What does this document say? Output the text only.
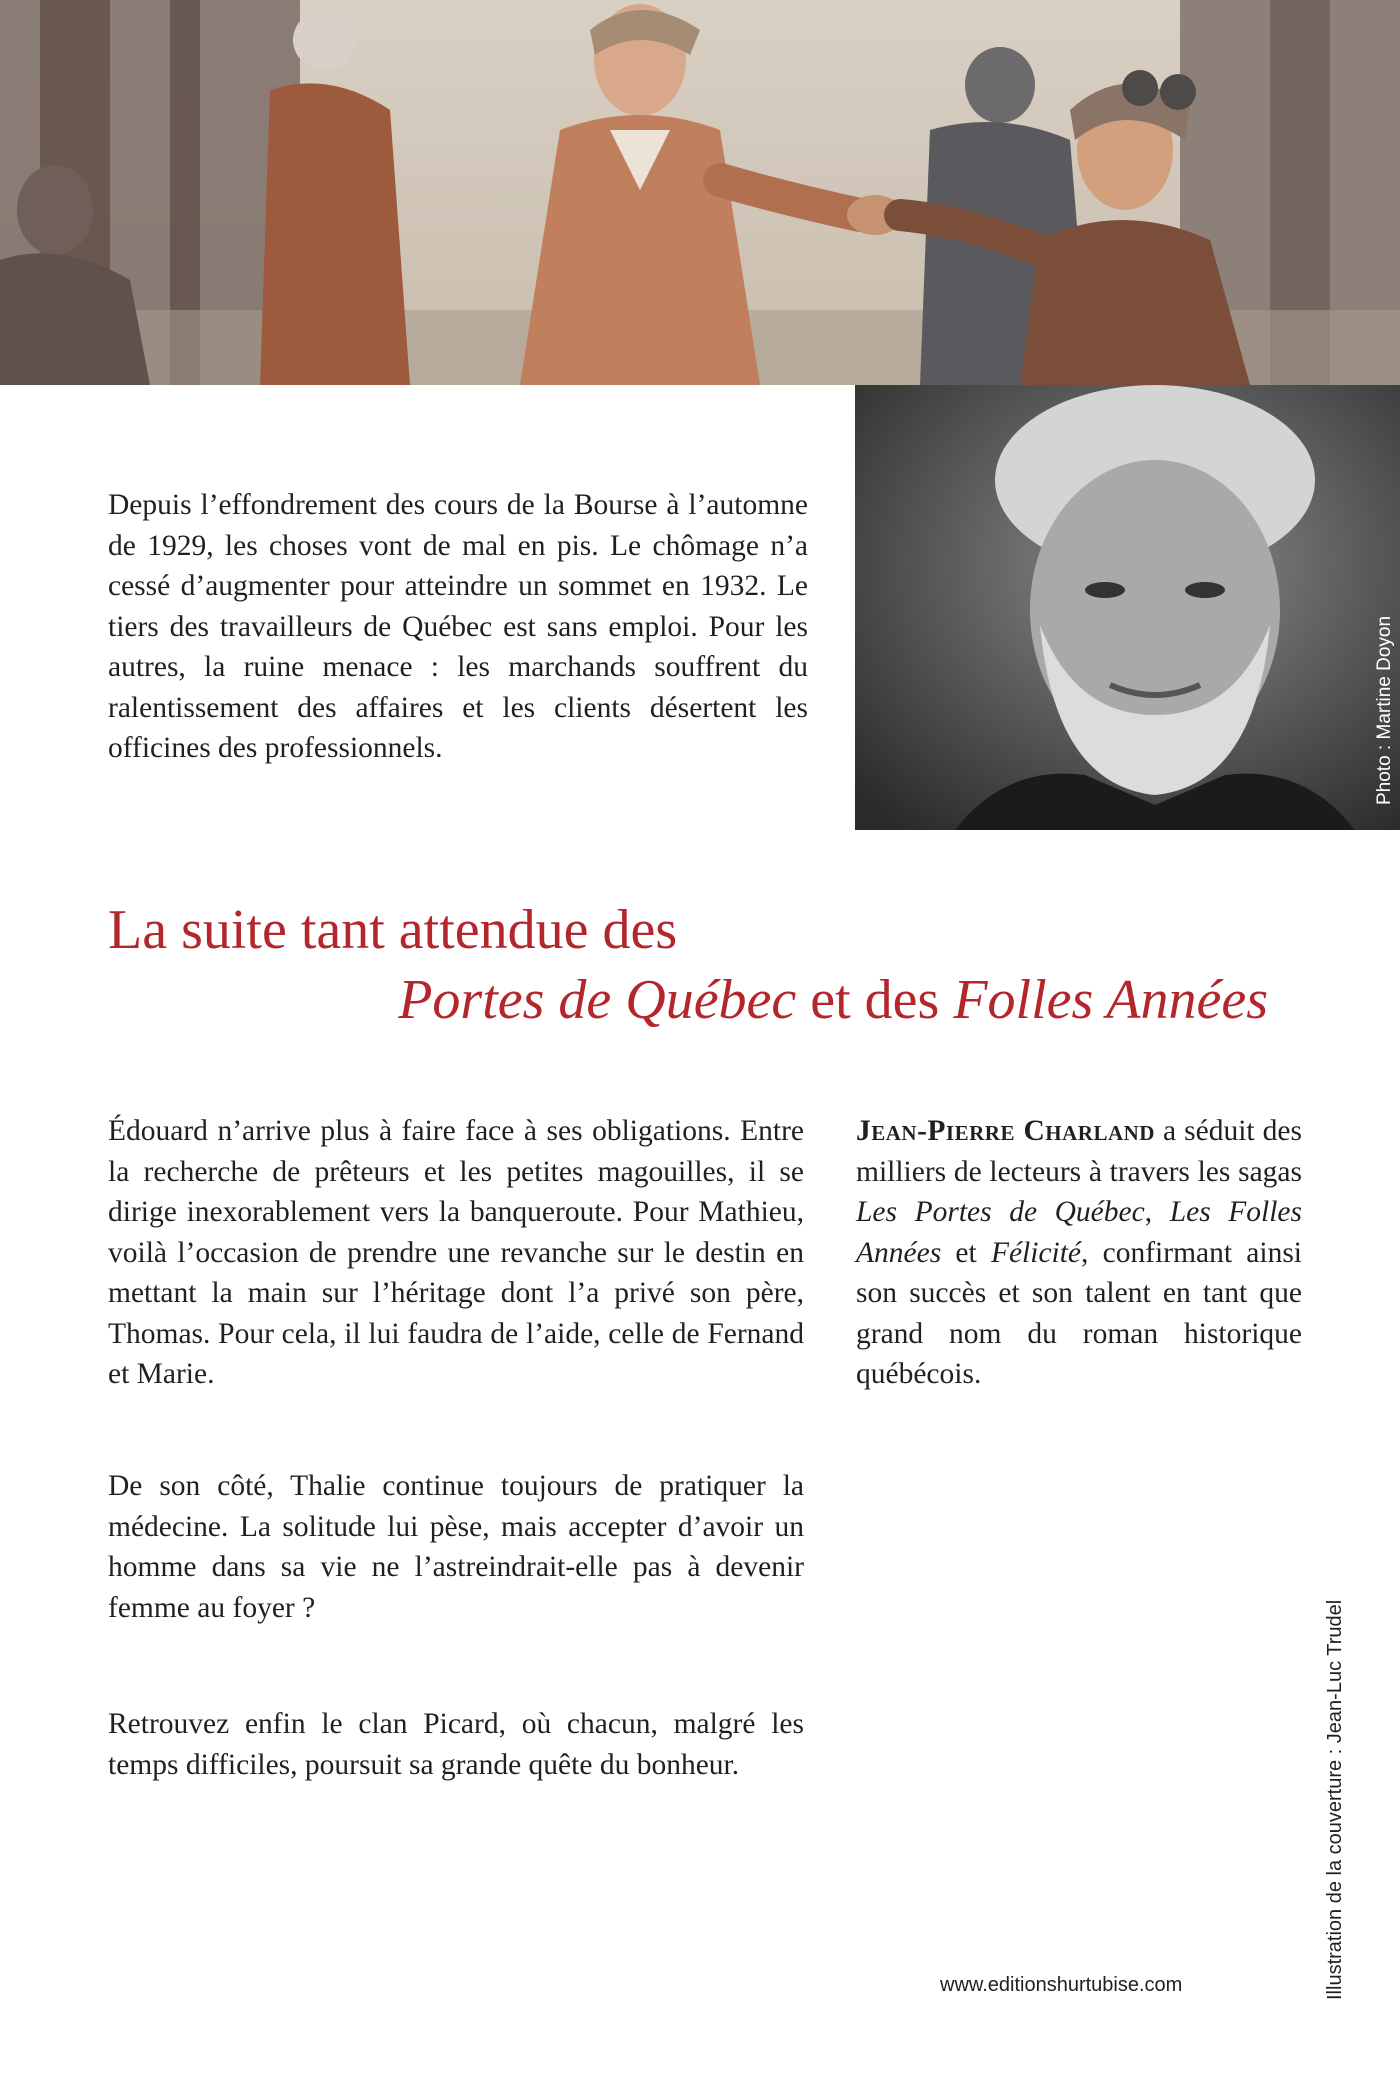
Photo : Martine Doyon

Depuis l’effondrement des cours de la Bourse à l’automne de 1929, les choses vont de mal en pis. Le chômage n’a cessé d’augmenter pour atteindre un sommet en 1932. Le tiers des travailleurs de Québec est sans emploi. Pour les autres, la ruine menace : les marchands souffrent du ralentissement des affaires et les clients désertent les officines des professionnels.

La suite tant attendue des
Portes de Québec et des Folles Années

Édouard n’arrive plus à faire face à ses obligations. Entre la recherche de prêteurs et les petites magouilles, il se dirige inexorablement vers la banqueroute. Pour Mathieu, voilà l’occasion de prendre une revanche sur le destin en mettant la main sur l’héritage dont l’a privé son père, Thomas. Pour cela, il lui faudra de l’aide, celle de Fernand et Marie.

De son côté, Thalie continue toujours de pratiquer la médecine. La solitude lui pèse, mais accepter d’avoir un homme dans sa vie ne l’astreindrait-elle pas à devenir femme au foyer ?

Retrouvez enfin le clan Picard, où chacun, malgré les temps difficiles, poursuit sa grande quête du bonheur.

Jean-Pierre Charland a séduit des milliers de lecteurs à travers les sagas Les Portes de Québec, Les Folles Années et Félicité, confirmant ainsi son succès et son talent en tant que grand nom du roman historique québécois.

www.editionshurtubise.com	Illustration de la couverture : Jean-Luc Trudel
